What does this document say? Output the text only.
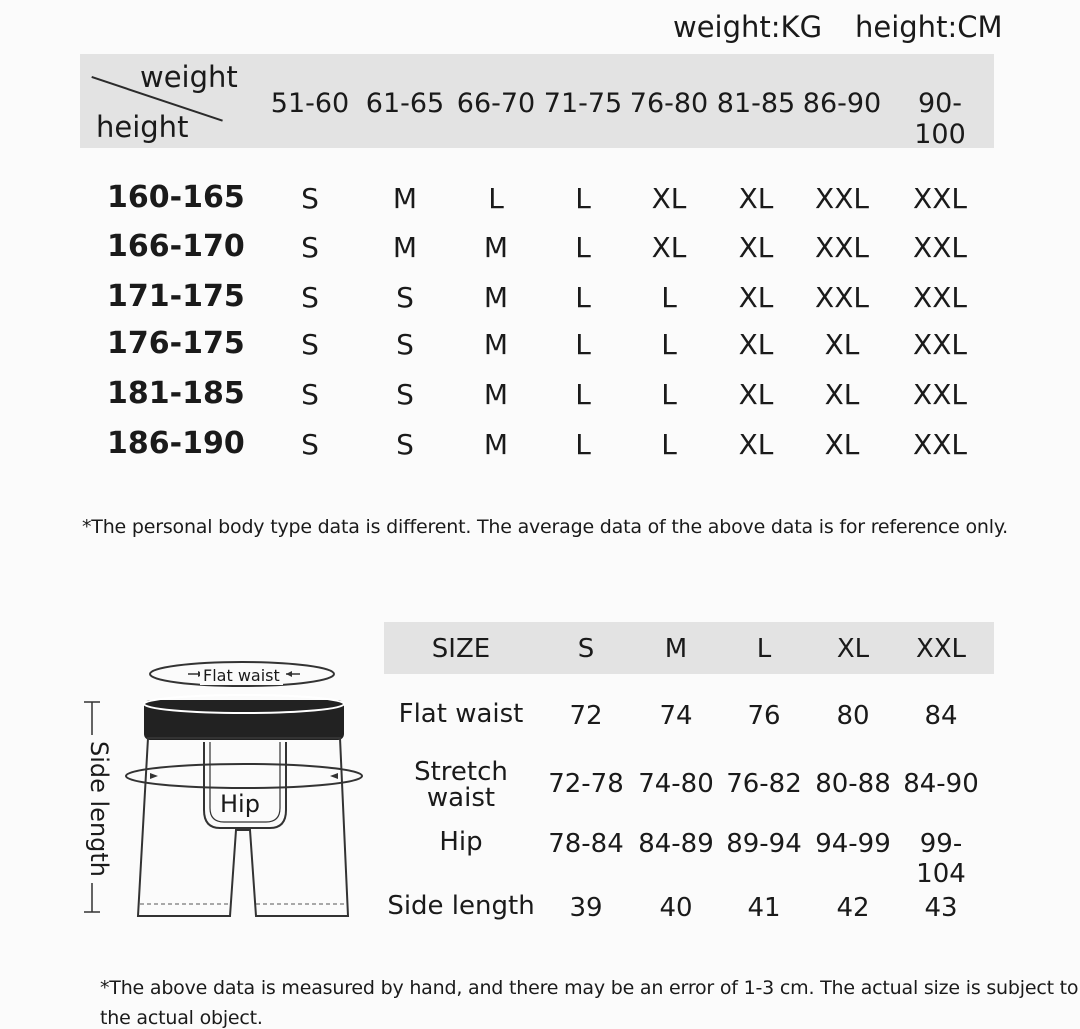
weight:KG height:CM
weight
height
51-60 61-65 66-70 71-75 76-80 81-85 86-90	90-100
160-165	S	M	L	L	XL	XL	XXL	XXL
166-170	S	M	M	L	XL	XL	XXL	XXL
171-175	S	S	M	L	L	XL	XXL	XXL
176-175	S	S	M	L	L	XL	XL	XXL
181-185	S	S	M	L	L	XL	XL	XXL
186-190	S	S	M	L	L	XL	XL	XXL
*The personal body type data is different. The average data of the above data is for reference only.
Flat waist
Hip
Side length
SIZE	S	M	L	XL	XXL
Flat waist	72	74	76	80	84
Stretch
waist	72-78 74-80 76-82 80-88 84-90
Hip	78-84 84-89 89-94 94-99	99-104
Side length	39	40	41	42	43
*The above data is measured by hand, and there may be an error of 1-3 cm. The actual size is subject to
the actual object.
